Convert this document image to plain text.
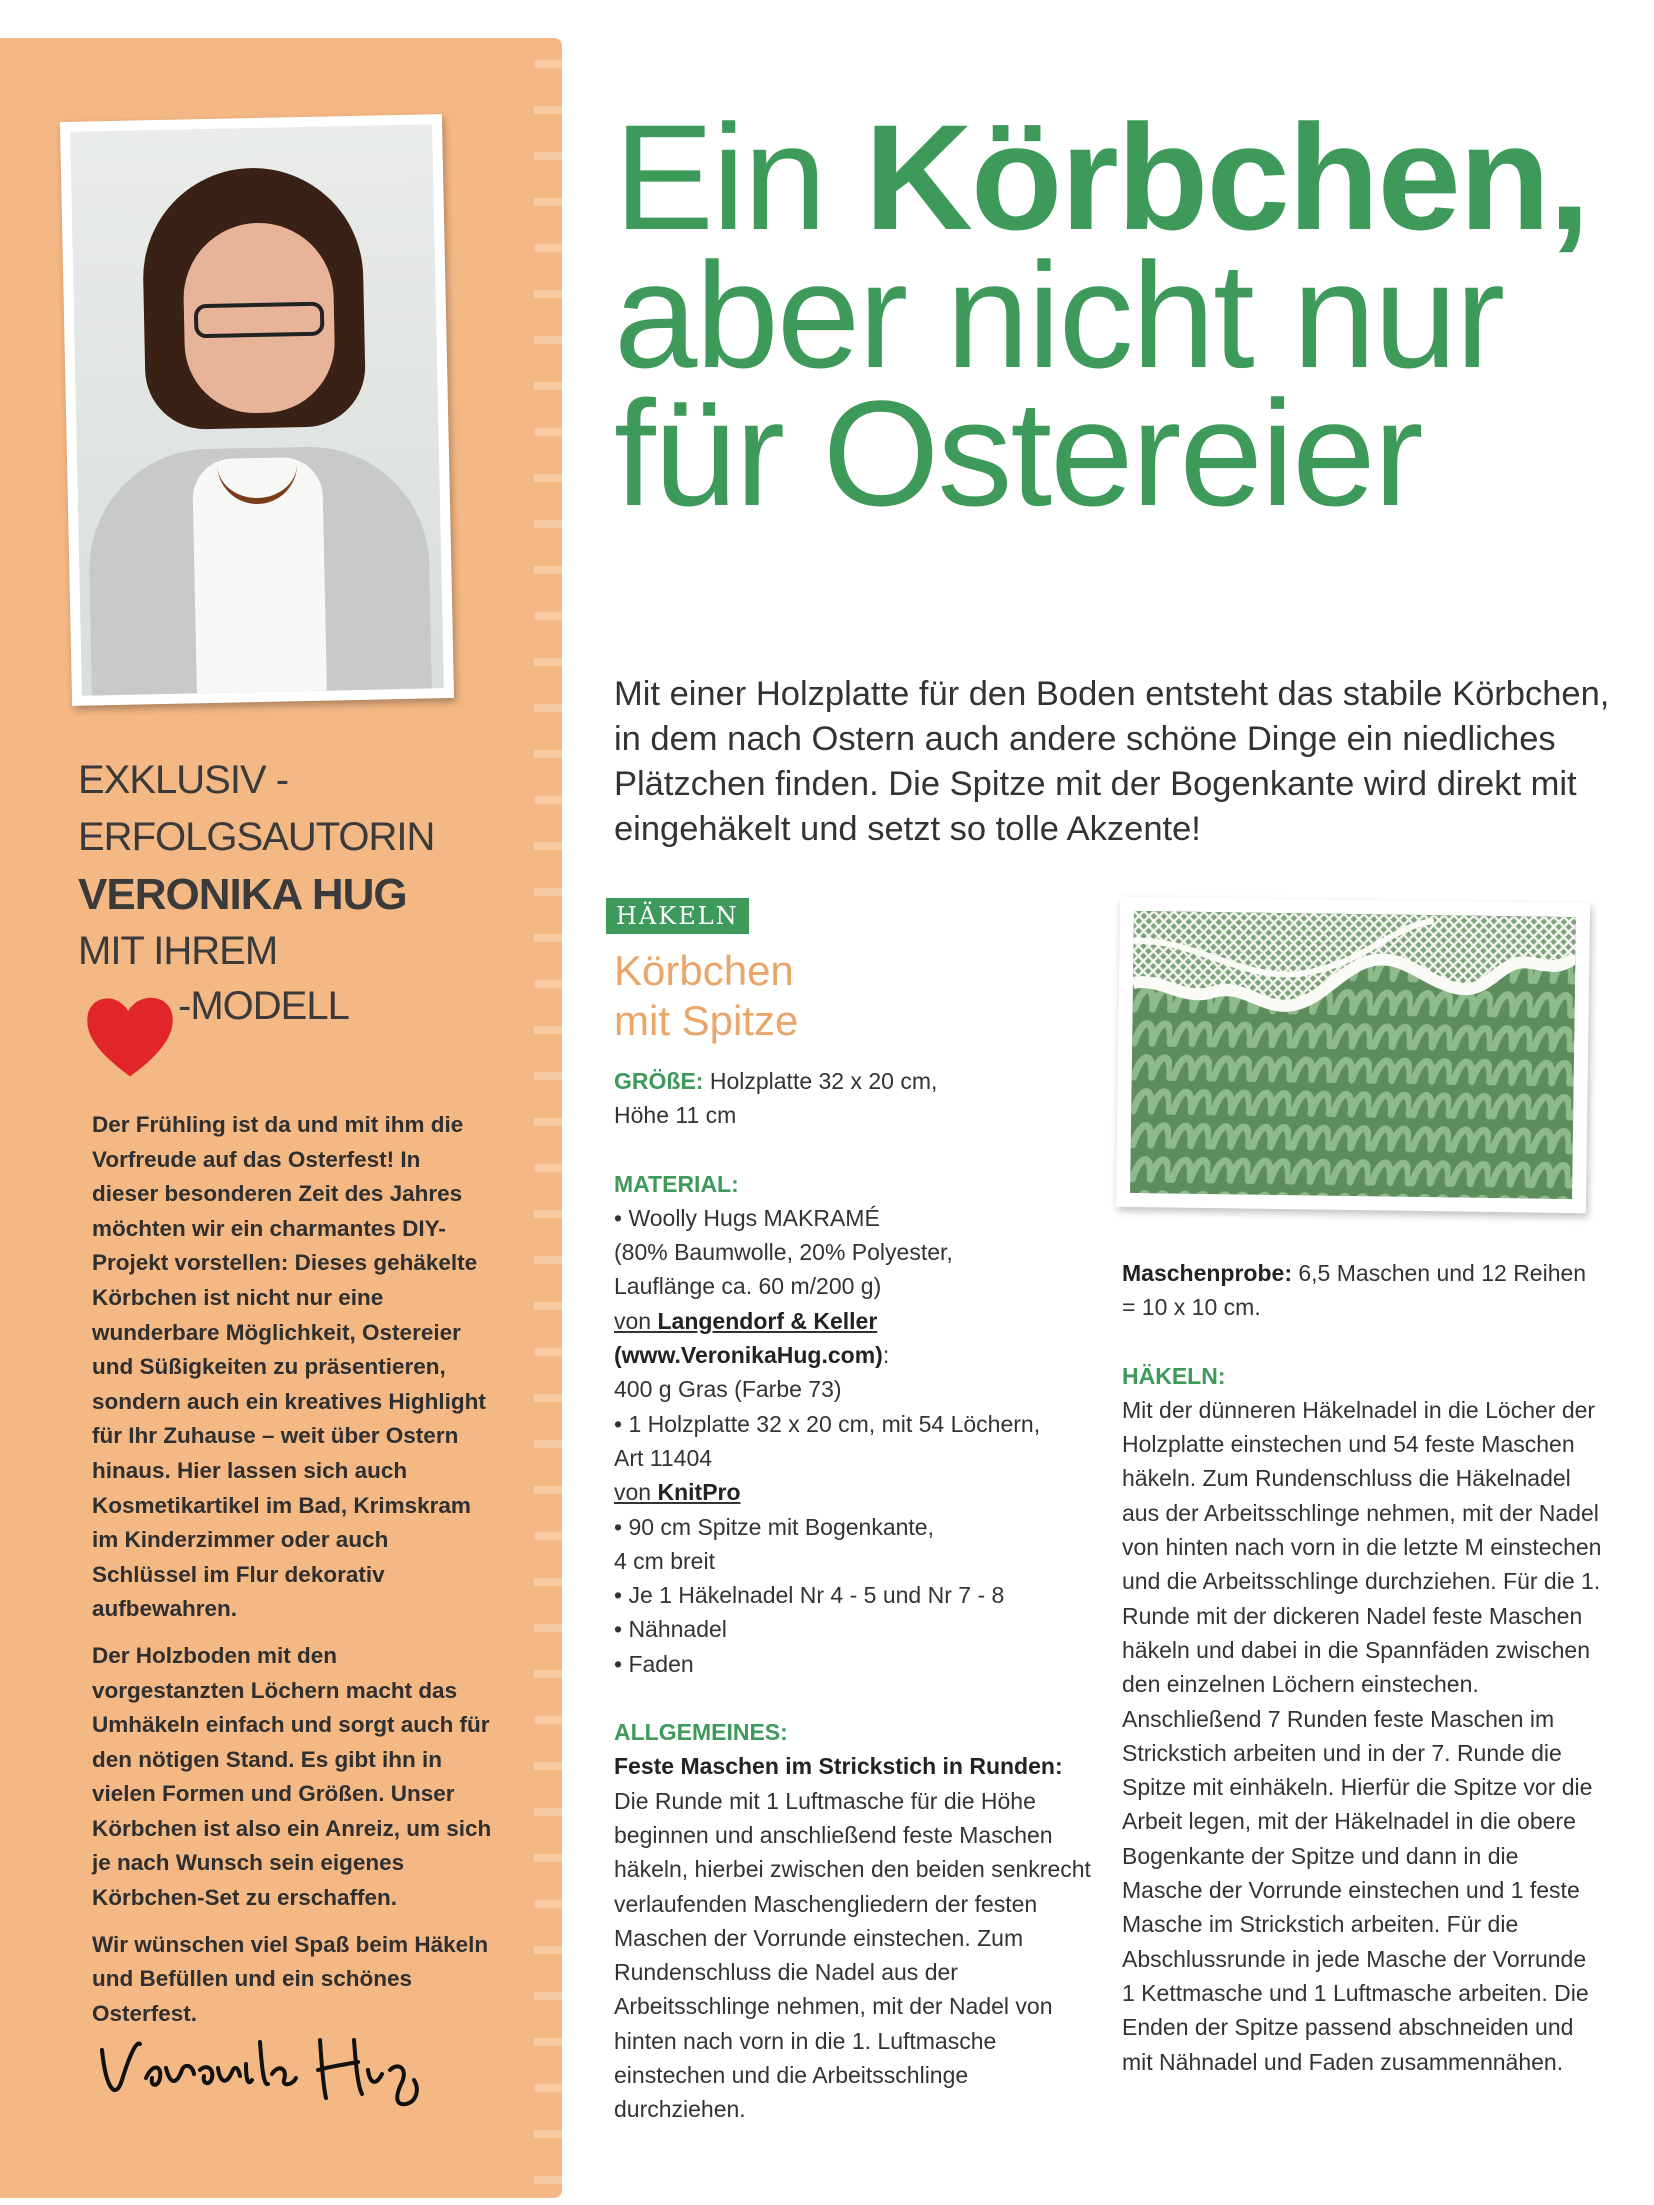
EXKLUSIV -
ERFOLGSAUTORIN
VERONIKA HUG
MIT IHREM
-MODELL

Der Frühling ist da und mit ihm die Vorfreude auf das Osterfest! In dieser besonderen Zeit des Jahres möchten wir ein charmantes DIY-Projekt vorstellen: Dieses gehäkelte Körbchen ist nicht nur eine wunderbare Möglichkeit, Ostereier und Süßigkeiten zu präsentieren, sondern auch ein kreatives Highlight für Ihr Zuhause – weit über Ostern hinaus. Hier lassen sich auch Kosmetikartikel im Bad, Krimskram im Kinderzimmer oder auch Schlüssel im Flur dekorativ aufbewahren.

Der Holzboden mit den vorgestanzten Löchern macht das Umhäkeln einfach und sorgt auch für den nötigen Stand. Es gibt ihn in vielen Formen und Größen. Unser Körbchen ist also ein Anreiz, um sich je nach Wunsch sein eigenes Körbchen-Set zu erschaffen.

Wir wünschen viel Spaß beim Häkeln und Befüllen und ein schönes Osterfest.

Ein Körbchen,
aber nicht nur
für Ostereier
Mit einer Holzplatte für den Boden entsteht das stabile Körbchen, in dem nach Ostern auch andere schöne Dinge ein niedliches Plätzchen finden. Die Spitze mit der Bogenkante wird direkt mit eingehäkelt und setzt so tolle Akzente!
HÄKELN
Körbchen
mit Spitze

GRÖßE: Holzplatte 32 x 20 cm,

Höhe 11 cm

MATERIAL:

• Woolly Hugs MAKRAMÉ

(80% Baumwolle, 20% Polyester,

Lauflänge ca. 60 m/200 g)

von Langendorf & Keller

(www.VeronikaHug.com):

400 g Gras (Farbe 73)

• 1 Holzplatte 32 x 20 cm, mit 54 Löchern,

Art 11404

von KnitPro

• 90 cm Spitze mit Bogenkante,

4 cm breit

• Je 1 Häkelnadel Nr 4 - 5 und Nr 7 - 8

• Nähnadel

• Faden

ALLGEMEINES:

Feste Maschen im Strickstich in Runden:

Die Runde mit 1 Luftmasche für die Höhe beginnen und anschließend feste Maschen häkeln, hierbei zwischen den beiden senkrecht verlaufenden Maschengliedern der festen Maschen der Vorrunde einstechen. Zum Rundenschluss die Nadel aus der Arbeitsschlinge nehmen, mit der Nadel von hinten nach vorn in die 1. Luftmasche einstechen und die Arbeitsschlinge durchziehen.

Maschenprobe: 6,5 Maschen und 12 Reihen = 10 x 10 cm.

HÄKELN:

Mit der dünneren Häkelnadel in die Löcher der Holzplatte einstechen und 54 feste Maschen häkeln. Zum Rundenschluss die Häkelnadel aus der Arbeitsschlinge nehmen, mit der Nadel von hinten nach vorn in die letzte M einstechen und die Arbeitsschlinge durchziehen. Für die 1. Runde mit der dickeren Nadel feste Maschen häkeln und dabei in die Spannfäden zwischen den einzelnen Löchern einstechen. Anschließend 7 Runden feste Maschen im Strickstich arbeiten und in der 7. Runde die Spitze mit einhäkeln. Hierfür die Spitze vor die Arbeit legen, mit der Häkelnadel in die obere Bogenkante der Spitze und dann in die Masche der Vorrunde einstechen und 1 feste Masche im Strickstich arbeiten. Für die Abschlussrunde in jede Masche der Vorrunde 1 Kettmasche und 1 Luftmasche arbeiten. Die Enden der Spitze passend abschneiden und mit Nähnadel und Faden zusammennähen.
